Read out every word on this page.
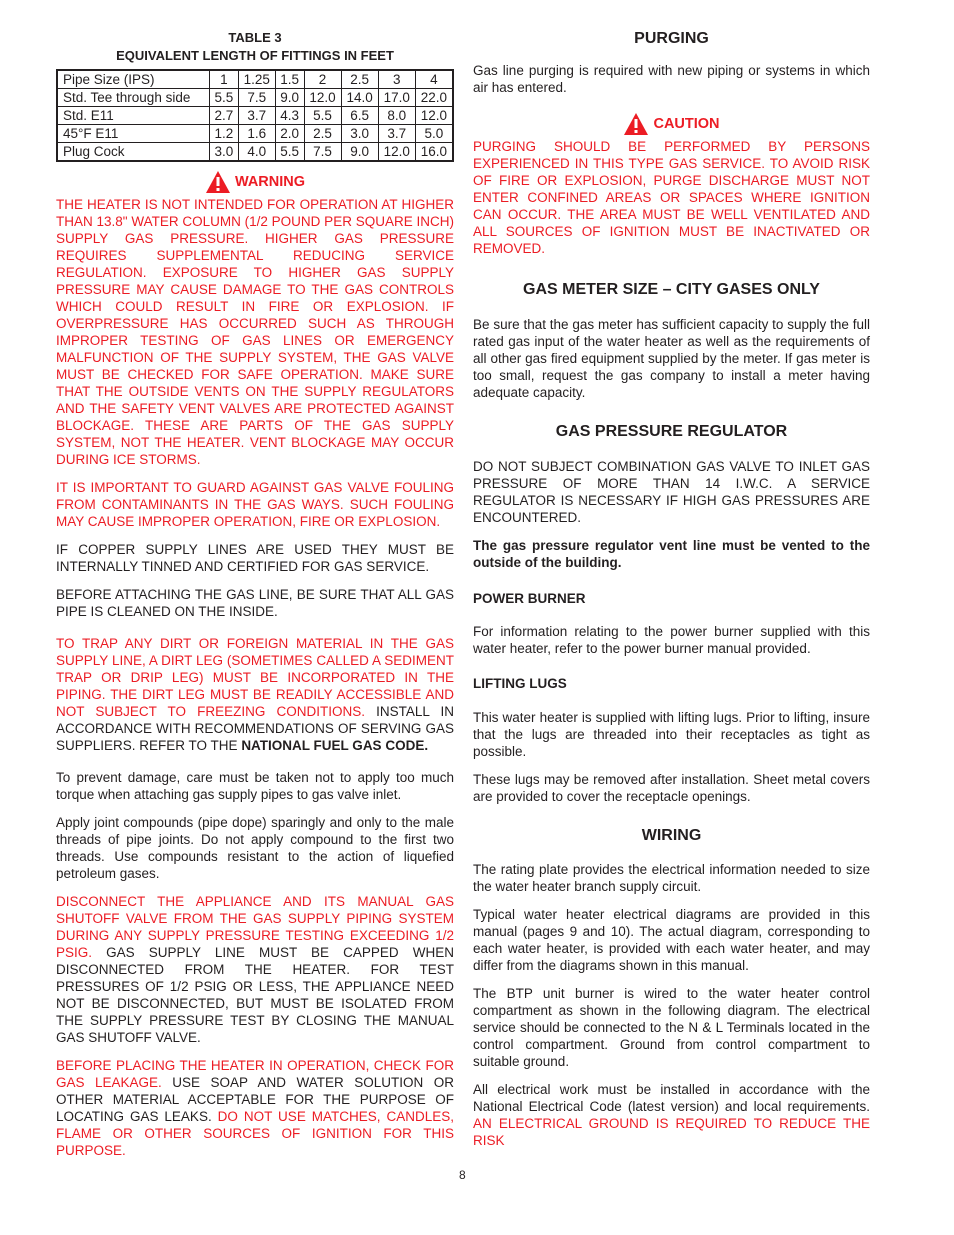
TABLE 3
EQUIVALENT LENGTH OF FITTINGS IN FEET
Pipe Size (IPS)	1	1.25	1.5	2	2.5	3	4
Std. Tee through side	5.5	7.5	9.0	12.0	14.0	17.0	22.0
Std. E11	2.7	3.7	4.3	5.5	6.5	8.0	12.0
45°F E11	1.2	1.6	2.0	2.5	3.0	3.7	5.0
Plug Cock	3.0	4.0	5.5	7.5	9.0	12.0	16.0
WARNING

THE HEATER IS NOT INTENDED FOR OPERATION AT HIGHER THAN 13.8" WATER COLUMN (1/2 POUND PER SQUARE INCH) SUPPLY GAS PRESSURE. HIGHER GAS PRESSURE REQUIRES SUPPLEMENTAL REDUCING SERVICE REGULATION. EXPOSURE TO HIGHER GAS SUPPLY PRESSURE MAY CAUSE DAMAGE TO THE GAS CONTROLS WHICH COULD RESULT IN FIRE OR EXPLOSION. IF OVERPRESSURE HAS OCCURRED SUCH AS THROUGH IMPROPER TESTING OF GAS LINES OR EMERGENCY MALFUNCTION OF THE SUPPLY SYSTEM, THE GAS VALVE MUST BE CHECKED FOR SAFE OPERATION. MAKE SURE THAT THE OUTSIDE VENTS ON THE SUPPLY REGULATORS AND THE SAFETY VENT VALVES ARE PROTECTED AGAINST BLOCKAGE. THESE ARE PARTS OF THE GAS SUPPLY SYSTEM, NOT THE HEATER. VENT BLOCKAGE MAY OCCUR DURING ICE STORMS.

IT IS IMPORTANT TO GUARD AGAINST GAS VALVE FOULING FROM CONTAMINANTS IN THE GAS WAYS. SUCH FOULING MAY CAUSE IMPROPER OPERATION, FIRE OR EXPLOSION.

IF COPPER SUPPLY LINES ARE USED THEY MUST BE INTERNALLY TINNED AND CERTIFIED FOR GAS SERVICE.

BEFORE ATTACHING THE GAS LINE, BE SURE THAT ALL GAS PIPE IS CLEANED ON THE INSIDE.

TO TRAP ANY DIRT OR FOREIGN MATERIAL IN THE GAS SUPPLY LINE, A DIRT LEG (SOMETIMES CALLED A SEDIMENT TRAP OR DRIP LEG) MUST BE INCORPORATED IN THE PIPING. THE DIRT LEG MUST BE READILY ACCESSIBLE AND NOT SUBJECT TO FREEZING CONDITIONS. INSTALL IN ACCORDANCE WITH RECOMMENDATIONS OF SERVING GAS SUPPLIERS. REFER TO THE NATIONAL FUEL GAS CODE.

To prevent damage, care must be taken not to apply too much torque when attaching gas supply pipes to gas valve inlet.

Apply joint compounds (pipe dope) sparingly and only to the male threads of pipe joints. Do not apply compound to the first two threads. Use compounds resistant to the action of liquefied petroleum gases.

DISCONNECT THE APPLIANCE AND ITS MANUAL GAS SHUTOFF VALVE FROM THE GAS SUPPLY PIPING SYSTEM DURING ANY SUPPLY PRESSURE TESTING EXCEEDING 1/2 PSIG. GAS SUPPLY LINE MUST BE CAPPED WHEN DISCONNECTED FROM THE HEATER. FOR TEST PRESSURES OF 1/2 PSIG OR LESS, THE APPLIANCE NEED NOT BE DISCONNECTED, BUT MUST BE ISOLATED FROM THE SUPPLY PRESSURE TEST BY CLOSING THE MANUAL GAS SHUTOFF VALVE.

BEFORE PLACING THE HEATER IN OPERATION, CHECK FOR GAS LEAKAGE. USE SOAP AND WATER SOLUTION OR OTHER MATERIAL ACCEPTABLE FOR THE PURPOSE OF LOCATING GAS LEAKS. DO NOT USE MATCHES, CANDLES, FLAME OR OTHER SOURCES OF IGNITION FOR THIS PURPOSE.

PURGING

Gas line purging is required with new piping or systems in which air has entered.

CAUTION

PURGING SHOULD BE PERFORMED BY PERSONS EXPERIENCED IN THIS TYPE GAS SERVICE. TO AVOID RISK OF FIRE OR EXPLOSION, PURGE DISCHARGE MUST NOT ENTER CONFINED AREAS OR SPACES WHERE IGNITION CAN OCCUR. THE AREA MUST BE WELL VENTILATED AND ALL SOURCES OF IGNITION MUST BE INACTIVATED OR REMOVED.

GAS METER SIZE – CITY GASES ONLY

Be sure that the gas meter has sufficient capacity to supply the full rated gas input of the water heater as well as the requirements of all other gas fired equipment supplied by the meter. If gas meter is too small, request the gas company to install a meter having adequate capacity.

GAS PRESSURE REGULATOR

DO NOT SUBJECT COMBINATION GAS VALVE TO INLET GAS PRESSURE OF MORE THAN 14 I.W.C. A SERVICE REGULATOR IS NECESSARY IF HIGH GAS PRESSURES ARE ENCOUNTERED.

The gas pressure regulator vent line must be vented to the outside of the building.

POWER BURNER

For information relating to the power burner supplied with this water heater, refer to the power burner manual provided.

LIFTING LUGS

This water heater is supplied with lifting lugs. Prior to lifting, insure that the lugs are threaded into their receptacles as tight as possible.

These lugs may be removed after installation. Sheet metal covers are provided to cover the receptacle openings.

WIRING

The rating plate provides the electrical information needed to size the water heater branch supply circuit.

Typical water heater electrical diagrams are provided in this manual (pages 9 and 10). The actual diagram, corresponding to each water heater, is provided with each water heater, and may differ from the diagrams shown in this manual.

The BTP unit burner is wired to the water heater control compartment as shown in the following diagram. The electrical service should be connected to the N & L Terminals located in the control compartment. Ground from control compartment to suitable ground.

All electrical work must be installed in accordance with the National Electrical Code (latest version) and local requirements. AN ELECTRICAL GROUND IS REQUIRED TO REDUCE THE RISK

8
